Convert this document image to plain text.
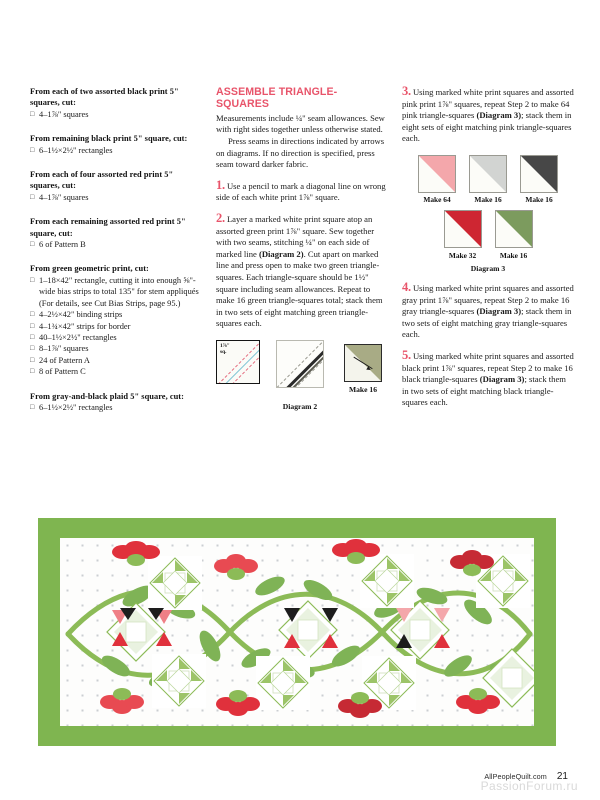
From each of two assorted black print 5" squares, cut:
□ 4–1⅞" squares
From remaining black print 5" square, cut:
□ 6–1½×2½" rectangles
From each of four assorted red print 5" squares, cut:
□ 4–1⅞" squares
From each remaining assorted red print 5" square, cut:
□ 6 of Pattern B
From green geometric print, cut:
□ 1–18×42" rectangle, cutting it into enough ⅝"-wide bias strips to total 135" for stem appliqués (For details, see Cut Bias Strips, page 95.)
□ 4–2½×42" binding strips
□ 4–1¾×42" strips for border
□ 40–1½×2½" rectangles
□ 8–1⅞" squares
□ 24 of Pattern A
□ 8 of Pattern C
From gray-and-black plaid 5" square, cut:
□ 6–1½×2½" rectangles
ASSEMBLE TRIANGLE-SQUARES

Measurements include ¼" seam allowances. Sew with right sides together unless otherwise stated.

Press seams in directions indicated by arrows on diagrams. If no direction is specified, press seam toward darker fabric.

1. Use a pencil to mark a diagonal line on wrong side of each white print 1⅞" square.

2. Layer a marked white print square atop an assorted green print 1⅞" square. Sew together with two seams, stitching ¼" on each side of marked line (Diagram 2). Cut apart on marked line and press open to make two green triangle-squares. Each triangle-square should be 1½" square including seam allowances. Repeat to make 16 green triangle-squares total; stack them in two sets of eight matching green triangle-squares each.

1⅞"
sq.
Make 16
Diagram 2

3. Using marked white print squares and assorted pink print 1⅞" squares, repeat Step 2 to make 64 pink triangle-squares (Diagram 3); stack them in eight sets of eight matching pink triangle-squares each.

Make 64	Make 16	Make 16
Make 32	Make 16
Diagram 3

4. Using marked white print squares and assorted gray print 1⅞" squares, repeat Step 2 to make 16 gray triangle-squares (Diagram 3); stack them in two sets of eight matching gray triangle-squares each.

5. Using marked white print squares and assorted black print 1⅞" squares, repeat Step 2 to make 16 black triangle-squares (Diagram 3); stack them in two sets of eight matching black triangle-squares each.

AllPeopleQuilt.com 21
PassionForum.ru
